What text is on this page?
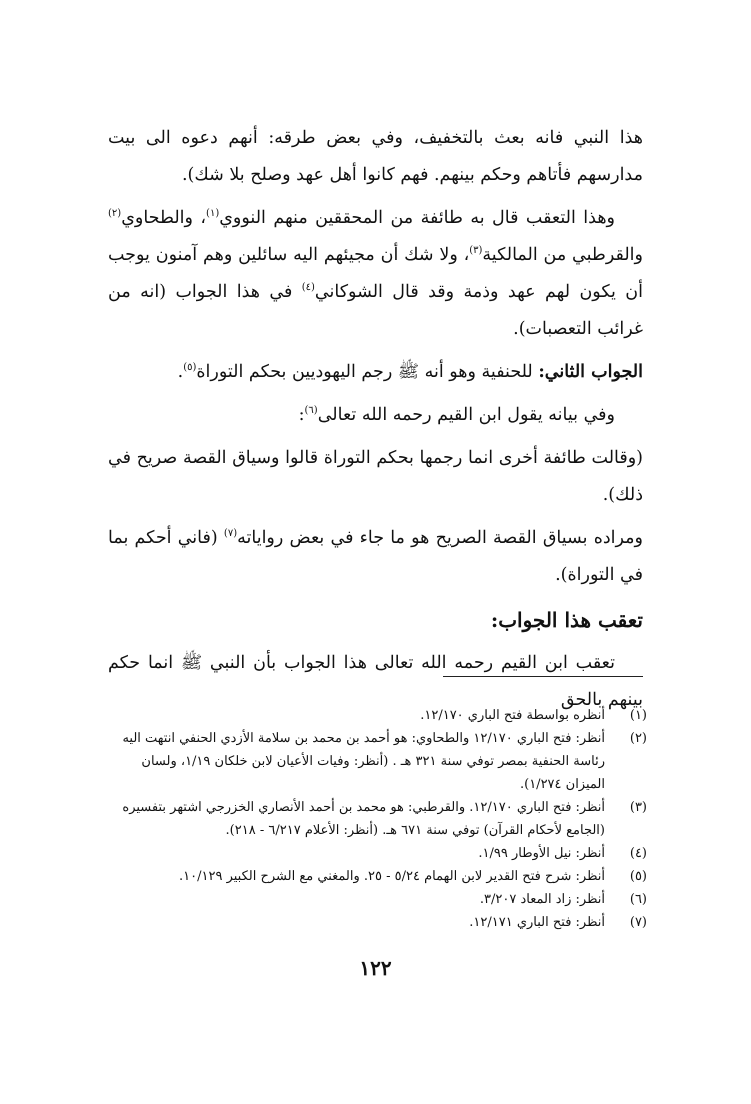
هذا النبي فانه بعث بالتخفيف، وفي بعض طرقه: أنهم دعوه الى بيت مدارسهم فأتاهم وحكم بينهم. فهم كانوا أهل عهد وصلح بلا شك).

وهذا التعقب قال به طائفة من المحققين منهم النووي$^{(١)}$، والطحاوي$^{(٢)}$ والقرطبي من المالكية$^{(٣)}$، ولا شك أن مجيئهم اليه سائلين وهم آمنون يوجب أن يكون لهم عهد وذمة وقد قال الشوكاني$^{(٤)}$ في هذا الجواب (انه من غرائب التعصبات).

الجواب الثاني: للحنفية وهو أنه ﷺ رجم اليهوديين بحكم التوراة$^{(٥)}$.

وفي بيانه يقول ابن القيم رحمه الله تعالى$^{(٦)}$:

(وقالت طائفة أخرى انما رجمها بحكم التوراة قالوا وسياق القصة صريح في ذلك).

ومراده بسياق القصة الصريح هو ما جاء في بعض رواياته$^{(٧)}$ (فاني أحكم بما في التوراة).

تعقب هذا الجواب:

تعقب ابن القيم رحمه الله تعالى هذا الجواب بأن النبي ﷺ انما حكم بينهم بالحق

(١)
أنظره بواسطة فتح الباري ١٢/١٧٠.
(٢)
أنظر: فتح الباري ١٢/١٧٠ والطحاوي: هو أحمد بن محمد بن سلامة الأزدي الحنفي انتهت اليه رئاسة الحنفية بمصر توفي سنة ٣٢١ هـ . (أنظر: وفيات الأعيان لابن خلكان ١/١٩، ولسان الميزان ١/٢٧٤).
(٣)
أنظر: فتح الباري ١٢/١٧٠. والقرطبي: هو محمد بن أحمد الأنصاري الخزرجي اشتهر بتفسيره (الجامع لأحكام القرآن) توفي سنة ٦٧١ هـ. (أنظر: الأعلام ٦/٢١٧ - ٢١٨).
(٤)
أنظر: نيل الأوطار ١/٩٩.
(٥)
أنظر: شرح فتح القدير لابن الهمام ٥/٢٤ - ٢٥. والمغني مع الشرح الكبير ١٠/١٢٩.
(٦)
أنظر: زاد المعاد ٣/٢٠٧.
(٧)
أنظر: فتح الباري ١٢/١٧١.
١٢٢
